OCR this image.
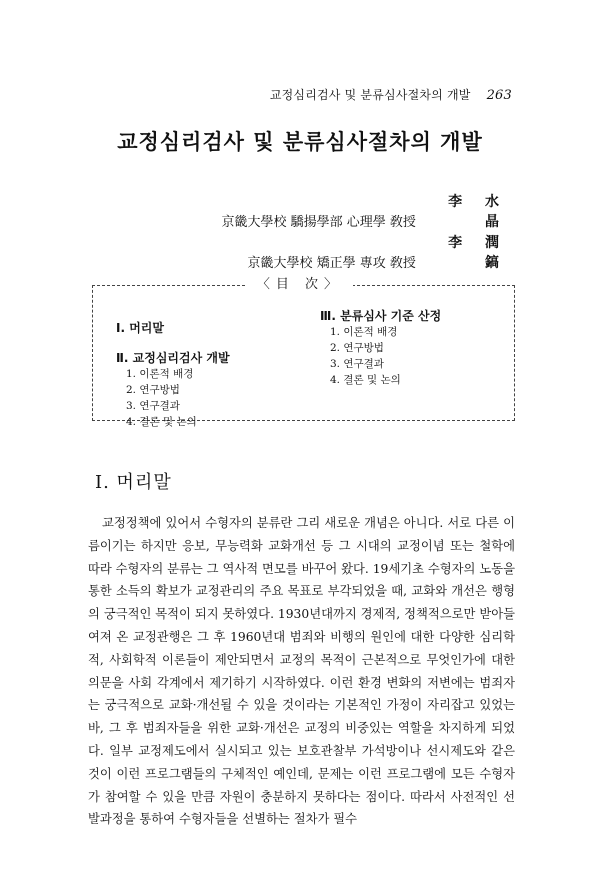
교정심리검사 및 분류심사절차의 개발 263
교정심리검사 및 분류심사절차의 개발
京畿大學校 驕揚學部 心理學 敎授 李 水 晶
京畿大學校 矯正學 專攻 敎授 李 潤 鎬
〈目 次〉
Ⅰ. 머리말
Ⅱ. 교정심리검사 개발
1. 이론적 배경
2. 연구방법
3. 연구결과
4. 결론 및 논의
Ⅲ. 분류심사 기준 산정
1. 이론적 배경
2. 연구방법
3. 연구결과
4. 결론 및 논의
Ⅰ. 머리말

교정정책에 있어서 수형자의 분류란 그리 새로운 개념은 아니다. 서로 다른 이름이기는 하지만 응보, 무능력화 교화개선 등 그 시대의 교정이념 또는 철학에 따라 수형자의 분류는 그 역사적 면모를 바꾸어 왔다. 19세기초 수형자의 노동을 통한 소득의 확보가 교정관리의 주요 목표로 부각되었을 때, 교화와 개선은 행형의 궁극적인 목적이 되지 못하였다. 1930년대까지 경제적, 정책적으로만 받아들여져 온 교정관행은 그 후 1960년대 범죄와 비행의 원인에 대한 다양한 심리학적, 사회학적 이론들이 제안되면서 교정의 목적이 근본적으로 무엇인가에 대한 의문을 사회 각계에서 제기하기 시작하였다. 이런 환경 변화의 저변에는 범죄자는 궁극적으로 교화·개선될 수 있을 것이라는 기본적인 가정이 자리잡고 있었는 바, 그 후 범죄자들을 위한 교화·개선은 교정의 비중있는 역할을 차지하게 되었다. 일부 교정제도에서 실시되고 있는 보호관찰부 가석방이나 선시제도와 같은 것이 이런 프로그램들의 구체적인 예인데, 문제는 이런 프로그램에 모든 수형자가 참여할 수 있을 만큼 자원이 충분하지 못하다는 점이다. 따라서 사전적인 선발과정을 통하여 수형자들을 선별하는 절차가 필수
